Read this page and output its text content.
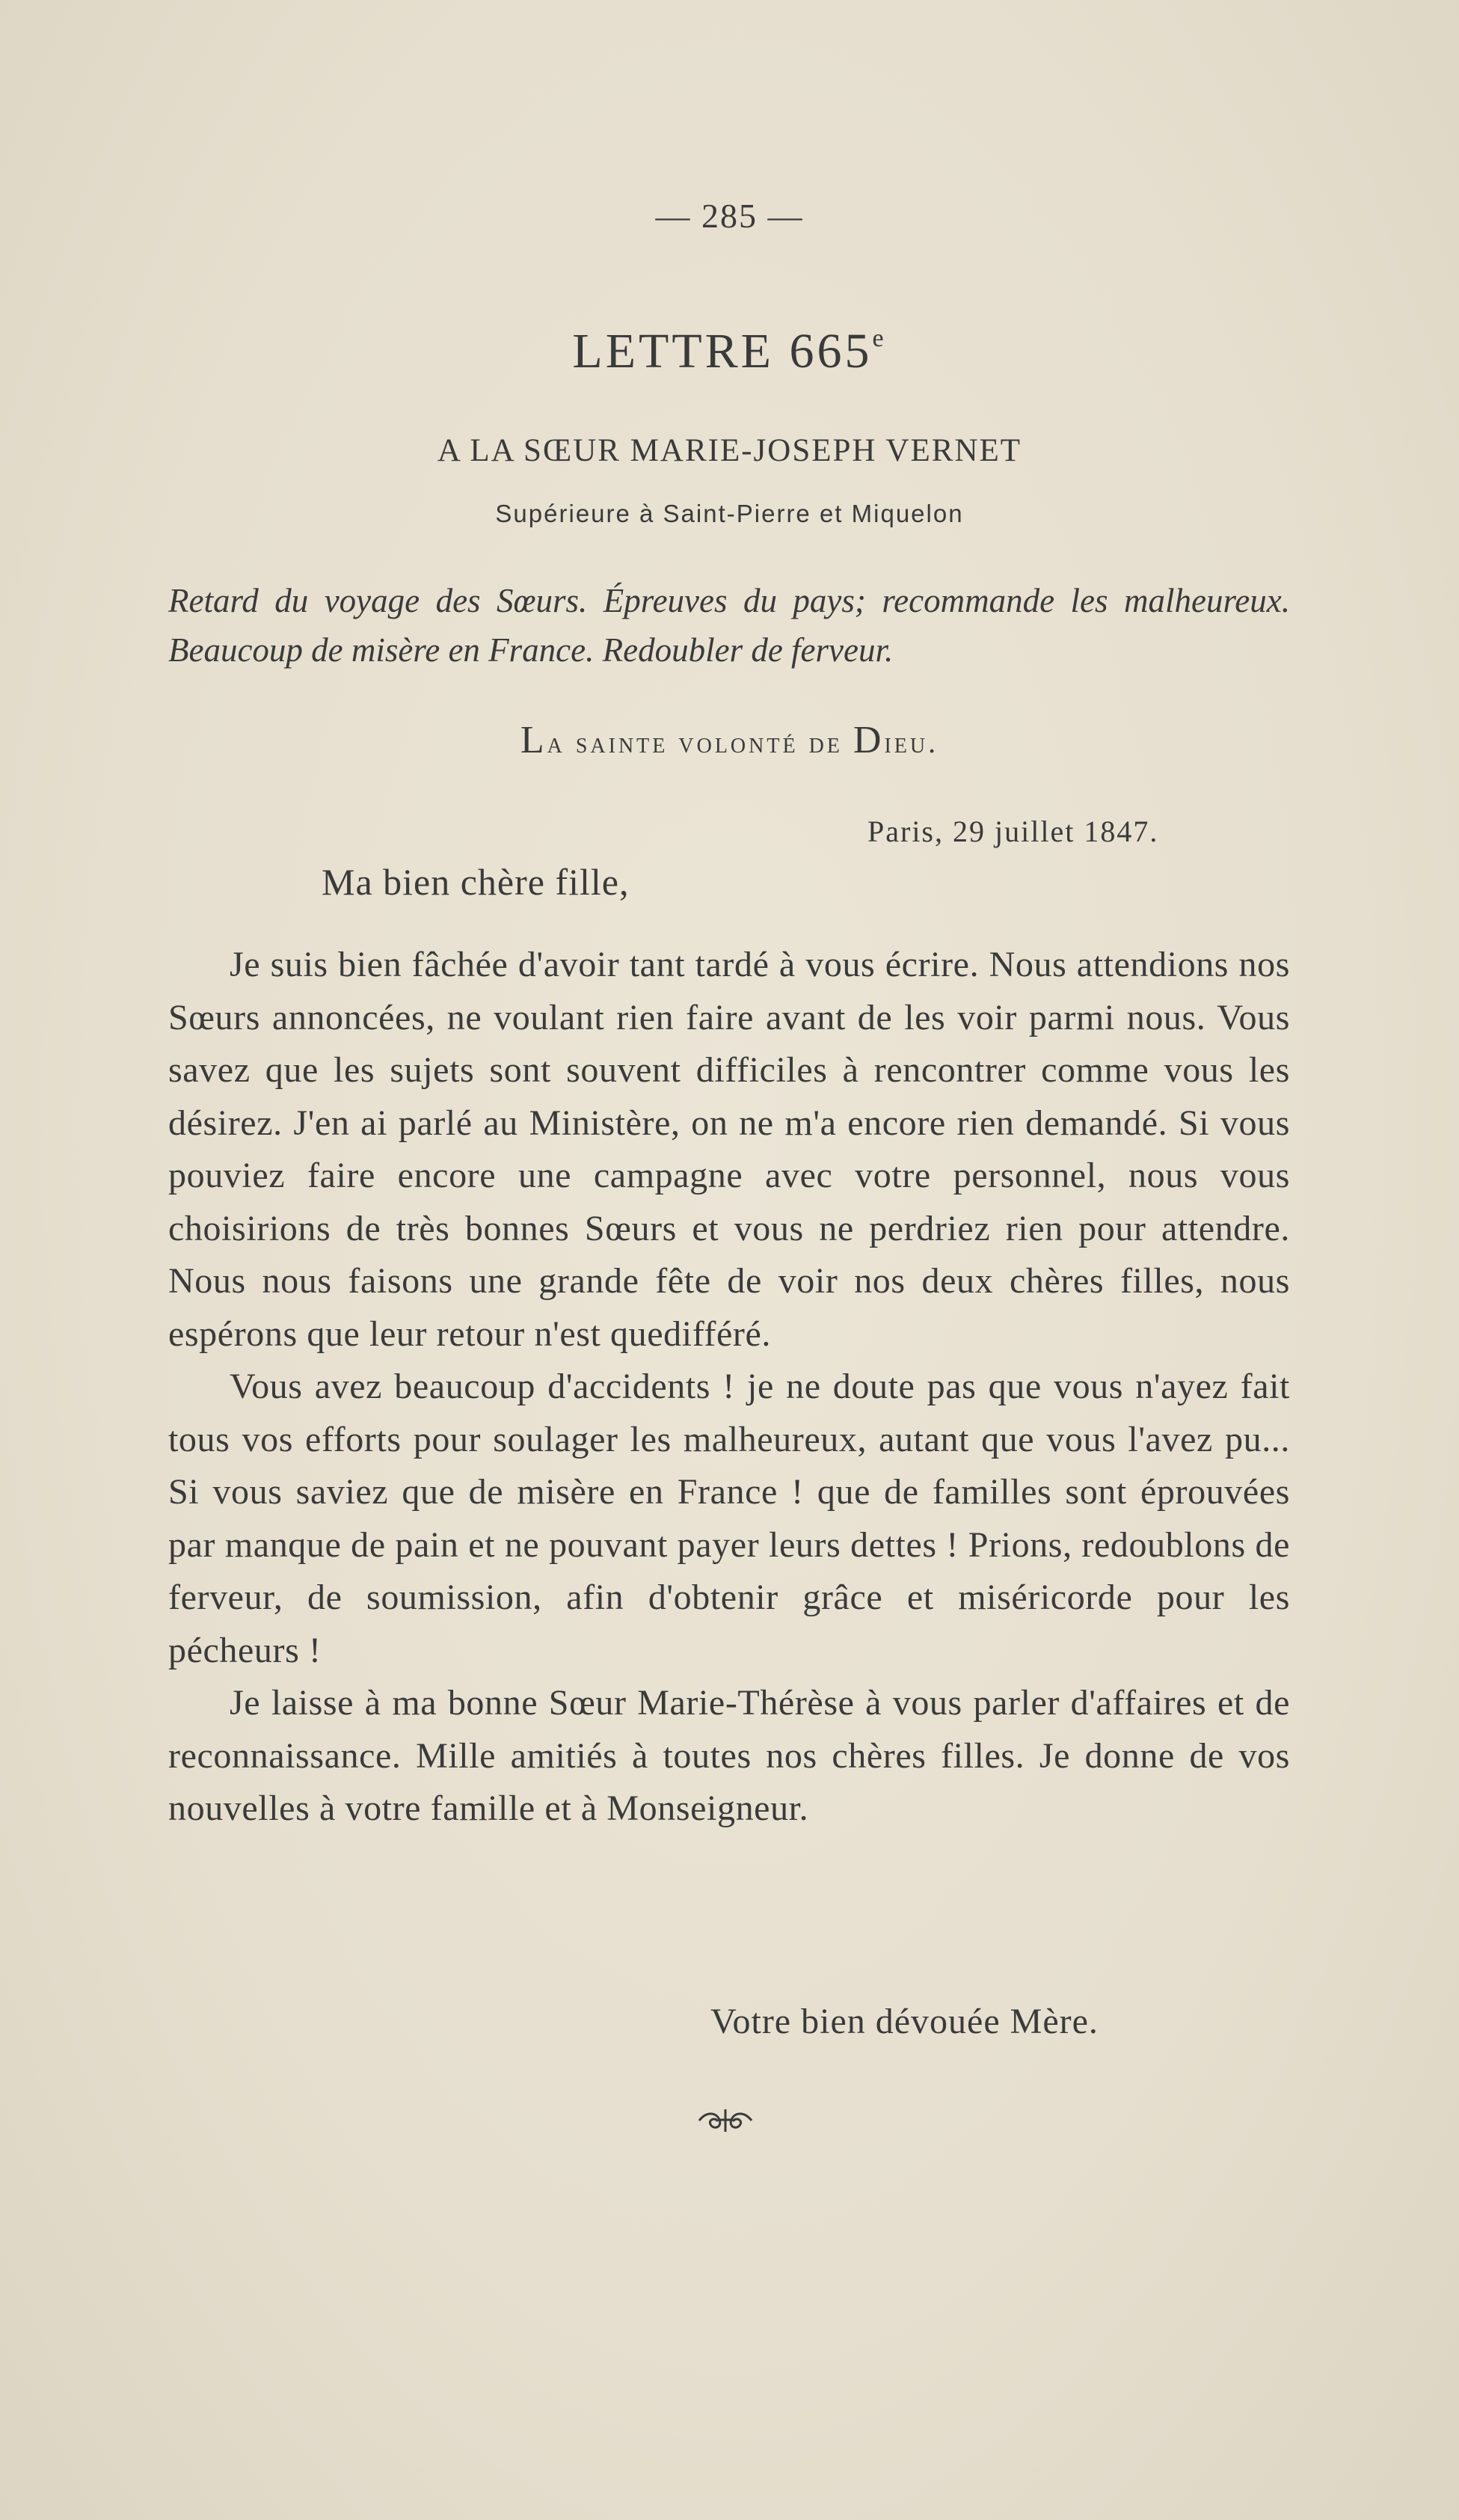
— 285 —
LETTRE 665e
A LA SŒUR MARIE-JOSEPH VERNET
Supérieure à Saint-Pierre et Miquelon
Retard du voyage des Sœurs. Épreuves du pays; recommande les malheureux. Beaucoup de misère en France. Redoubler de ferveur.
La sainte volonté de Dieu.
Paris, 29 juillet 1847.
Ma bien chère fille,

Je suis bien fâchée d'avoir tant tardé à vous écrire. Nous attendions nos Sœurs annoncées, ne voulant rien faire avant de les voir parmi nous. Vous savez que les sujets sont souvent difficiles à rencontrer comme vous les désirez. J'en ai parlé au Ministère, on ne m'a encore rien demandé. Si vous pouviez faire encore une campagne avec votre personnel, nous vous choisirions de très bonnes Sœurs et vous ne perdriez rien pour attendre. Nous nous faisons une grande fête de voir nos deux chères filles, nous espérons que leur retour n'est quedifféré.

Vous avez beaucoup d'accidents ! je ne doute pas que vous n'ayez fait tous vos efforts pour soulager les malheureux, autant que vous l'avez pu... Si vous saviez que de misère en France ! que de familles sont éprouvées par manque de pain et ne pouvant payer leurs dettes ! Prions, redoublons de ferveur, de soumission, afin d'obtenir grâce et miséricorde pour les pécheurs !

Je laisse à ma bonne Sœur Marie-Thérèse à vous parler d'affaires et de reconnaissance. Mille amitiés à toutes nos chères filles. Je donne de vos nouvelles à votre famille et à Monseigneur.

Votre bien dévouée Mère.
